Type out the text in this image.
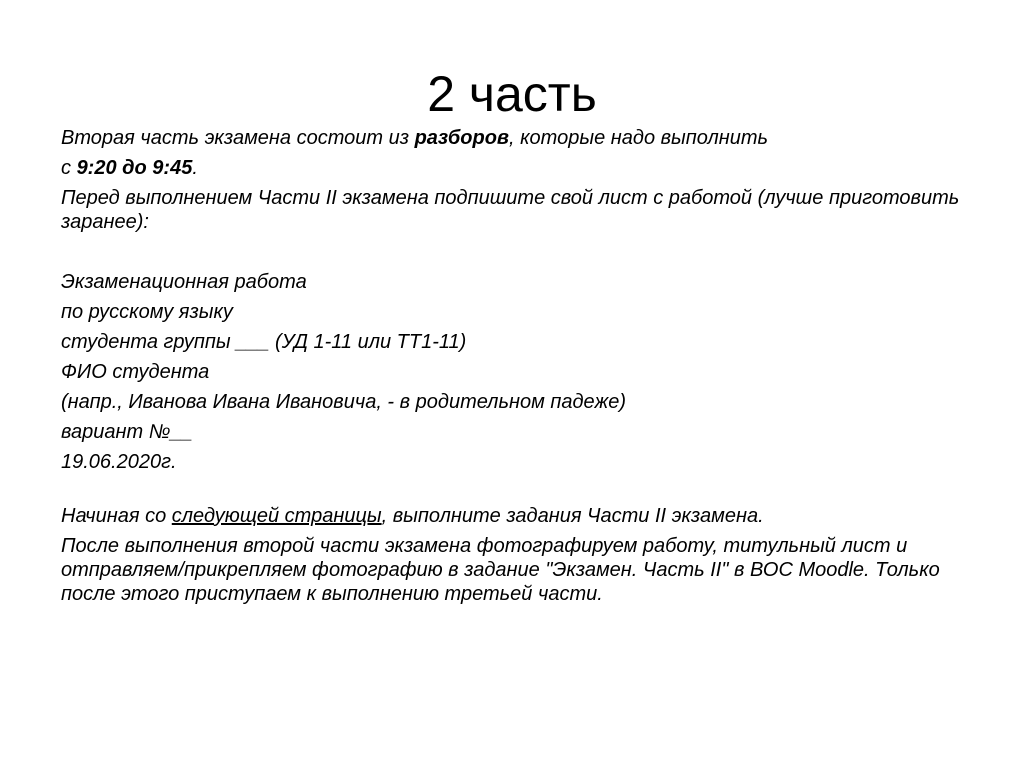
2 часть

Вторая часть экзамена состоит из разборов, которые надо выполнить

с 9:20 до 9:45.

Перед выполнением Части II экзамена подпишите свой лист с работой (лучше приготовить заранее):

Экзаменационная работа

по русскому языку

студента группы ___ (УД 1-11 или ТТ1-11)

ФИО студента

(напр., Иванова Ивана Ивановича, - в родительном падеже)

вариант №__

19.06.2020г.

Начиная со следующей страницы, выполните задания Части II экзамена.

После выполнения второй части экзамена фотографируем работу, титульный лист и отправляем/прикрепляем фотографию в задание "Экзамен. Часть II" в ВОС Moodle. Только после этого приступаем к выполнению третьей части.
